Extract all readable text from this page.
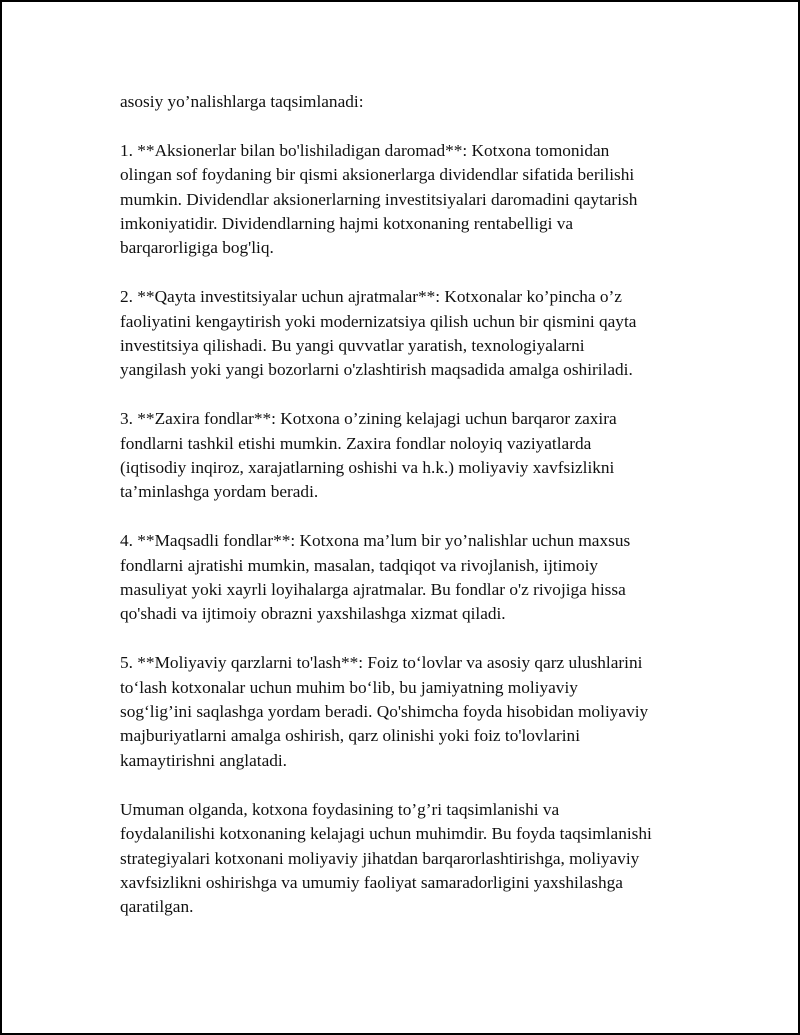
asosiy yo’nalishlarga taqsimlanadi:

1. **Aksionerlar bilan bo'lishiladigan daromad**: Kotxona tomonidan
olingan sof foydaning bir qismi aksionerlarga dividendlar sifatida berilishi
mumkin. Dividendlar aksionerlarning investitsiyalari daromadini qaytarish
imkoniyatidir. Dividendlarning hajmi kotxonaning rentabelligi va
barqarorligiga bog'liq.

2. **Qayta investitsiyalar uchun ajratmalar**: Kotxonalar ko’pincha o’z
faoliyatini kengaytirish yoki modernizatsiya qilish uchun bir qismini qayta
investitsiya qilishadi. Bu yangi quvvatlar yaratish, texnologiyalarni
yangilash yoki yangi bozorlarni o'zlashtirish maqsadida amalga oshiriladi.

3. **Zaxira fondlar**: Kotxona o’zining kelajagi uchun barqaror zaxira
fondlarni tashkil etishi mumkin. Zaxira fondlar noloyiq vaziyatlarda
(iqtisodiy inqiroz, xarajatlarning oshishi va h.k.) moliyaviy xavfsizlikni
ta’minlashga yordam beradi.

4. **Maqsadli fondlar**: Kotxona ma’lum bir yo’nalishlar uchun maxsus
fondlarni ajratishi mumkin, masalan, tadqiqot va rivojlanish, ijtimoiy
masuliyat yoki xayrli loyihalarga ajratmalar. Bu fondlar o'z rivojiga hissa
qo'shadi va ijtimoiy obrazni yaxshilashga xizmat qiladi.

5. **Moliyaviy qarzlarni to'lash**: Foiz to‘lovlar va asosiy qarz ulushlarini
to‘lash kotxonalar uchun muhim bo‘lib, bu jamiyatning moliyaviy
sog‘lig’ini saqlashga yordam beradi. Qo'shimcha foyda hisobidan moliyaviy
majburiyatlarni amalga oshirish, qarz olinishi yoki foiz to'lovlarini
kamaytirishni anglatadi.

Umuman olganda, kotxona foydasining to’g’ri taqsimlanishi va
foydalanilishi kotxonaning kelajagi uchun muhimdir. Bu foyda taqsimlanishi
strategiyalari kotxonani moliyaviy jihatdan barqarorlashtirishga, moliyaviy
xavfsizlikni oshirishga va umumiy faoliyat samaradorligini yaxshilashga
qaratilgan.
